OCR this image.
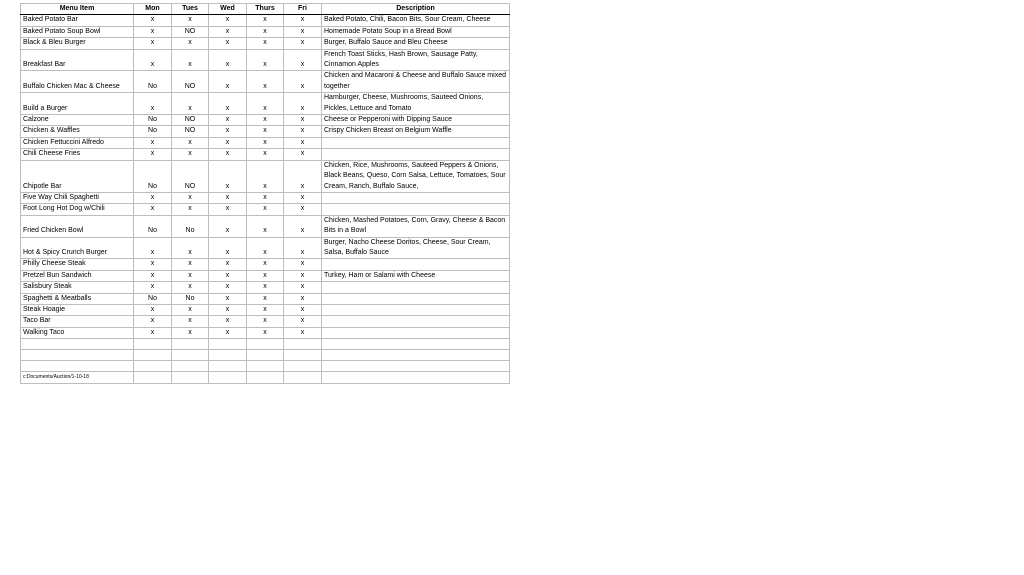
Menu Item	Mon	Tues	Wed	Thurs	Fri	Description
Baked Potato Bar	x	x	x	x	x	Baked Potato, Chili, Bacon Bits, Sour Cream, Cheese
Baked Potato Soup Bowl	x	NO	x	x	x	Homemade Potato Soup in a Bread Bowl
Black & Bleu Burger	x	x	x	x	x	Burger, Buffalo Sauce and Bleu Cheese
Breakfast Bar	x	x	x	x	x	French Toast Sticks, Hash Brown, Sausage Patty, Cinnamon Apples
Buffalo Chicken Mac & Cheese	No	NO	x	x	x	Chicken and Macaroni & Cheese and Buffalo Sauce mixed together
Build a Burger	x	x	x	x	x	Hamburger, Cheese, Mushrooms, Sauteed Onions, Pickles, Lettuce and Tomato
Calzone	No	NO	x	x	x	Cheese or Pepperoni with Dipping Sauce
Chicken & Waffles	No	NO	x	x	x	Crispy Chicken Breast on Belgium Waffle
Chicken Fettuccini Alfredo	x	x	x	x	x	
Chili Cheese Fries	x	x	x	x	x	
Chipotle Bar	No	NO	x	x	x	Chicken, Rice, Mushrooms, Sauteed Peppers & Onions, Black Beans, Queso, Corn Salsa, Lettuce, Tomatoes, Sour Cream, Ranch, Buffalo Sauce,
Five Way Chili Spaghetti	x	x	x	x	x	
Foot Long Hot Dog w/Chili	x	x	x	x	x	
Fried Chicken Bowl	No	No	x	x	x	Chicken, Mashed Potatoes, Corn, Gravy, Cheese & Bacon Bits in a Bowl
Hot & Spicy Crunch Burger	x	x	x	x	x	Burger, Nacho Cheese Doritos, Cheese, Sour Cream, Salsa, Buffalo Sauce
Philly Cheese Steak	x	x	x	x	x	
Pretzel Bun Sandwich	x	x	x	x	x	Turkey, Ham or Salami with Cheese
Salisbury Steak	x	x	x	x	x	
Spaghetti & Meatballs	No	No	x	x	x	
Steak Hoagie	x	x	x	x	x	
Taco Bar	x	x	x	x	x	
Walking Taco	x	x	x	x	x	

c:Documents/Auction/1-10-18						
